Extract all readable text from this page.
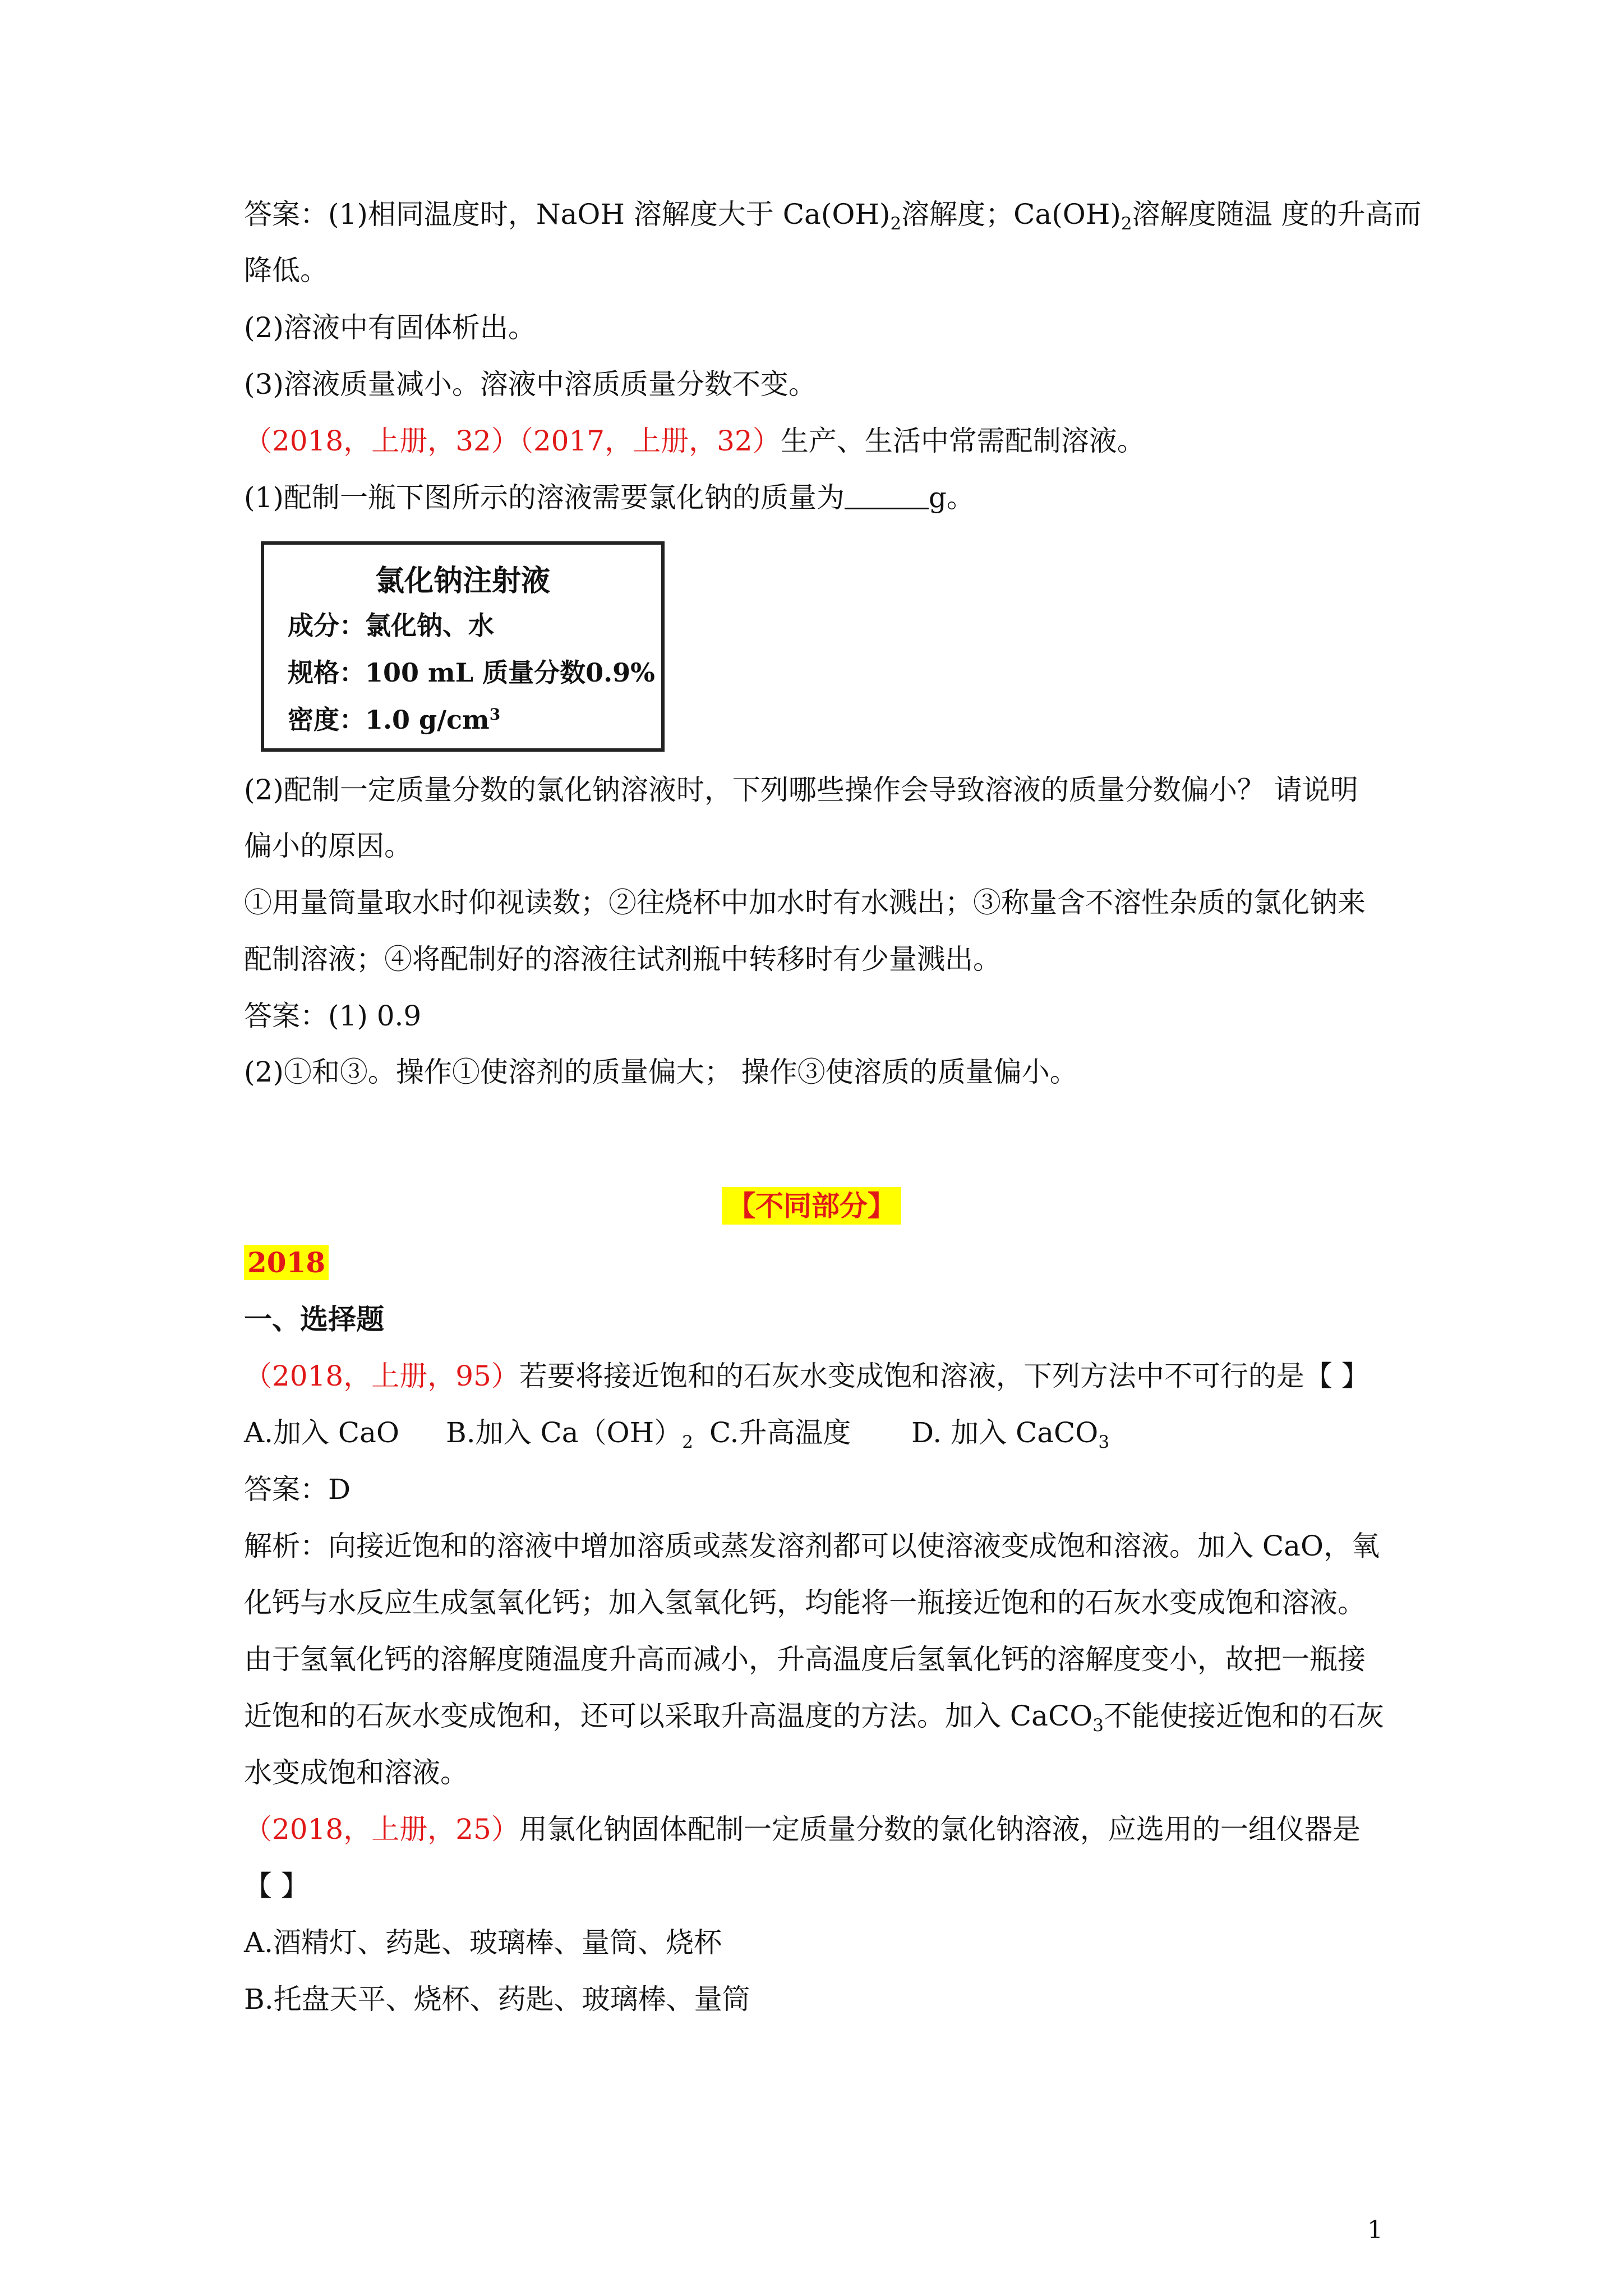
答案：(1)相同温度时，NaOH 溶解度大于 $Ca(OH)_2$溶解度；$Ca(OH)_2$溶解度随温 度的升高而
降低。
(2)溶液中有固体析出。
(3)溶液质量减小。溶液中溶质质量分数不变。
（2018，上册，32）（2017，上册，32）生产、生活中常需配制溶液。
(1)配制一瓶下图所示的溶液需要氯化钠的质量为	g。
氯化钠注射液
成分：氯化钠、水
规格：100 mL 质量分数0.9%
密度：1.0 $g/cm^3$
(2)配制一定质量分数的氯化钠溶液时，下列哪些操作会导致溶液的质量分数偏小？ 请说明
偏小的原因。
①用量筒量取水时仰视读数；②往烧杯中加水时有水溅出；③称量含不溶性杂质的氯化钠来
配制溶液；④将配制好的溶液往试剂瓶中转移时有少量溅出。
答案：(1) 0.9
(2)①和③。操作①使溶剂的质量偏大； 操作③使溶质的质量偏小。
【不同部分】
2018
一、选择题
（2018，上册，95）若要将接近饱和的石灰水变成饱和溶液，下列方法中不可行的是【 】
A.加入 CaO B.加入 $Ca(OH)_2$ C.升高温度 D. 加入 CaCO$_3$
答案：D
解析：向接近饱和的溶液中增加溶质或蒸发溶剂都可以使溶液变成饱和溶液。加入 CaO，氧
化钙与水反应生成氢氧化钙；加入氢氧化钙，均能将一瓶接近饱和的石灰水变成饱和溶液。
由于氢氧化钙的溶解度随温度升高而减小，升高温度后氢氧化钙的溶解度变小，故把一瓶接
近饱和的石灰水变成饱和，还可以采取升高温度的方法。加入 CaCO$_3$不能使接近饱和的石灰
水变成饱和溶液。
（2018，上册，25）用氯化钠固体配制一定质量分数的氯化钠溶液，应选用的一组仪器是
【 】
A.酒精灯、药匙、玻璃棒、量筒、烧杯
B.托盘天平、烧杯、药匙、玻璃棒、量筒
1
